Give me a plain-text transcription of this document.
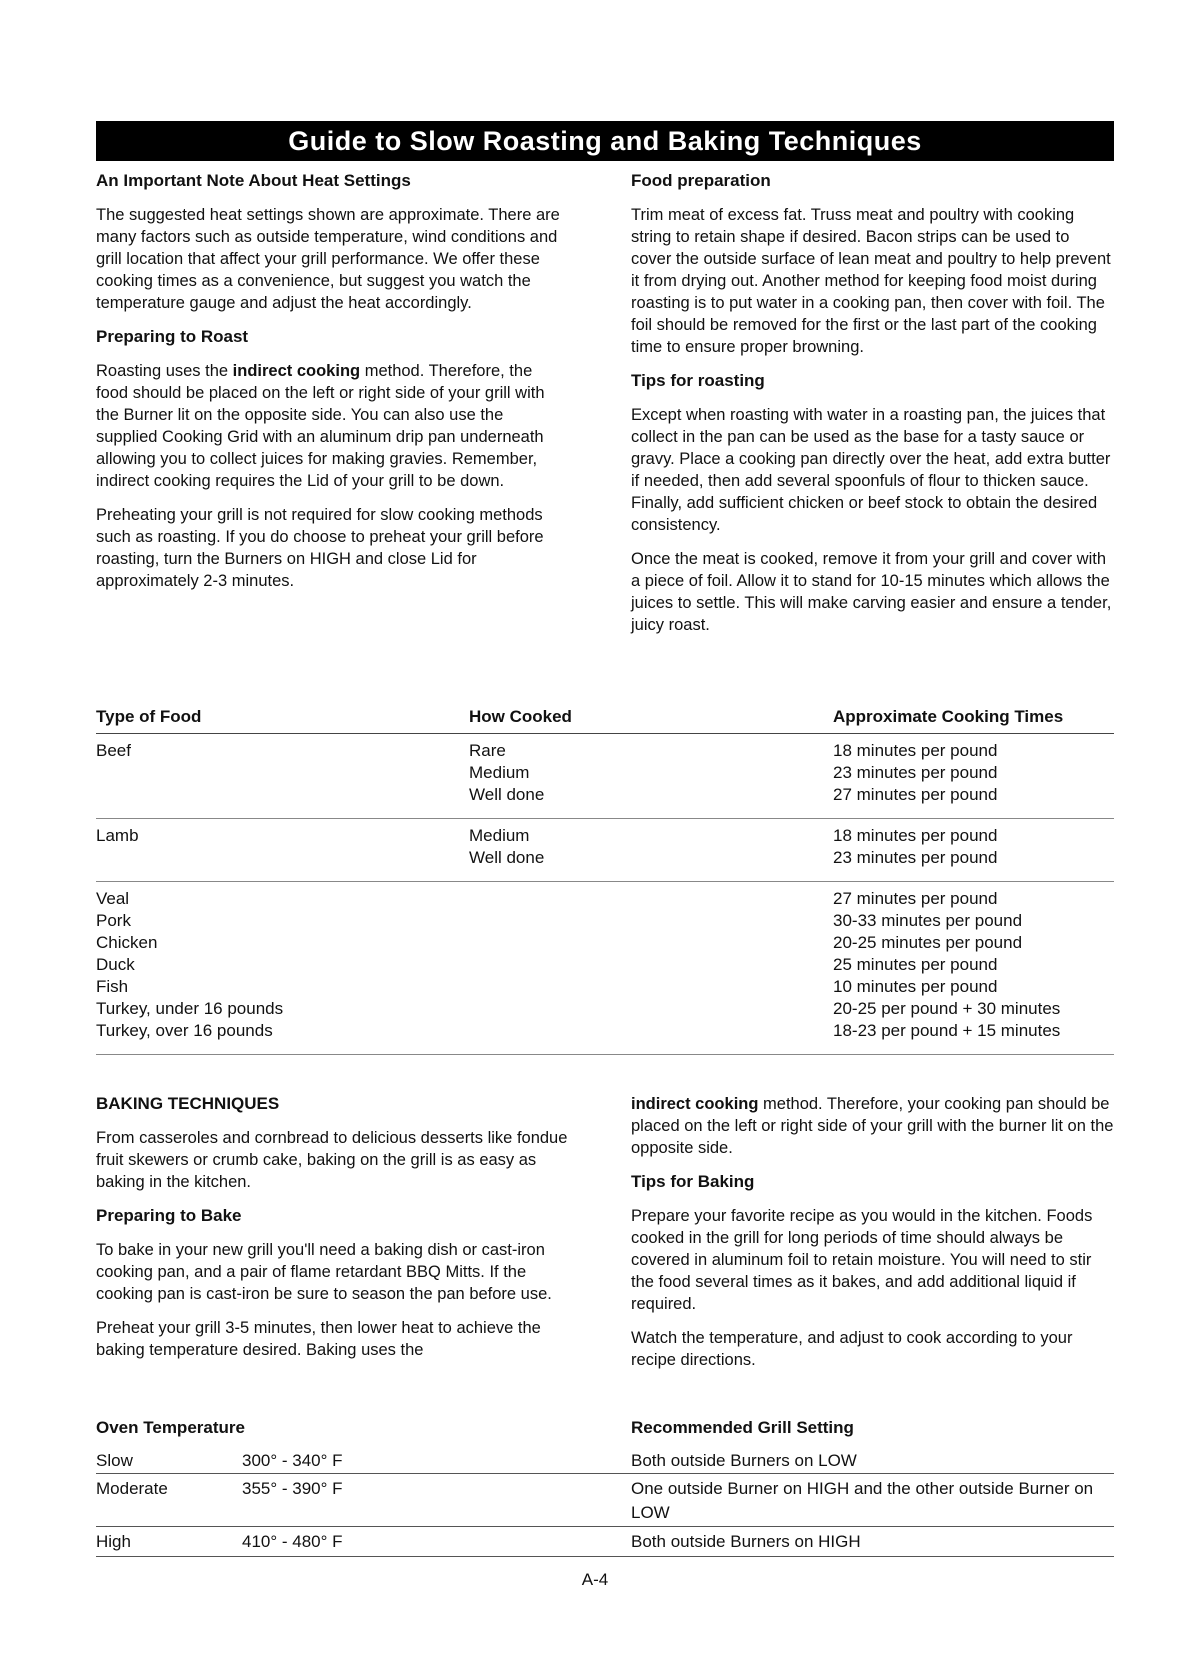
Guide to Slow Roasting and Baking Techniques
An Important Note About Heat Settings

The suggested heat settings shown are approximate. There are many factors such as outside temperature, wind conditions and grill location that affect your grill performance. We offer these cooking times as a convenience, but suggest you watch the temperature gauge and adjust the heat accordingly.

Preparing to Roast

Roasting uses the indirect cooking method. Therefore, the food should be placed on the left or right side of your grill with the Burner lit on the opposite side. You can also use the supplied Cooking Grid with an aluminum drip pan underneath allowing you to collect juices for making gravies. Remember, indirect cooking requires the Lid of your grill to be down.

Preheating your grill is not required for slow cooking methods such as roasting. If you do choose to preheat your grill before roasting, turn the Burners on HIGH and close Lid for approximately 2-3 minutes.

Food preparation

Trim meat of excess fat. Truss meat and poultry with cooking string to retain shape if desired. Bacon strips can be used to cover the outside surface of lean meat and poultry to help prevent it from drying out. Another method for keeping food moist during roasting is to put water in a cooking pan, then cover with foil. The foil should be removed for the first or the last part of the cooking time to ensure proper browning.

Tips for roasting

Except when roasting with water in a roasting pan, the juices that collect in the pan can be used as the base for a tasty sauce or gravy. Place a cooking pan directly over the heat, add extra butter if needed, then add several spoonfuls of flour to thicken sauce. Finally, add sufficient chicken or beef stock to obtain the desired consistency.

Once the meat is cooked, remove it from your grill and cover with a piece of foil. Allow it to stand for 10-15 minutes which allows the juices to settle. This will make carving easier and ensure a tender, juicy roast.

Type of Food	How Cooked	Approximate Cooking Times
Beef	Rare	18 minutes per pound
Medium	23 minutes per pound
Well done	27 minutes per pound
Lamb	Medium	18 minutes per pound
Well done	23 minutes per pound
Veal	27 minutes per pound
Pork	30-33 minutes per pound
Chicken	20-25 minutes per pound
Duck	25 minutes per pound
Fish	10 minutes per pound
Turkey, under 16 pounds	20-25 per pound + 30 minutes
Turkey, over 16 pounds	18-23 per pound + 15 minutes
BAKING TECHNIQUES

From casseroles and cornbread to delicious desserts like fondue fruit skewers or crumb cake, baking on the grill is as easy as baking in the kitchen.

Preparing to Bake

To bake in your new grill you'll need a baking dish or cast-iron cooking pan, and a pair of flame retardant BBQ Mitts. If the cooking pan is cast-iron be sure to season the pan before use.

Preheat your grill 3-5 minutes, then lower heat to achieve the baking temperature desired. Baking uses the

indirect cooking method. Therefore, your cooking pan should be placed on the left or right side of your grill with the burner lit on the opposite side.

Tips for Baking

Prepare your favorite recipe as you would in the kitchen. Foods cooked in the grill for long periods of time should always be covered in aluminum foil to retain moisture. You will need to stir the food several times as it bakes, and add additional liquid if required.

Watch the temperature, and adjust to cook according to your recipe directions.

Oven Temperature	Recommended Grill Setting
Slow	300° - 340° F	Both outside Burners on LOW
Moderate	355° - 390° F	One outside Burner on HIGH and the other outside Burner on LOW
High	410° - 480° F	Both outside Burners on HIGH
A-4
